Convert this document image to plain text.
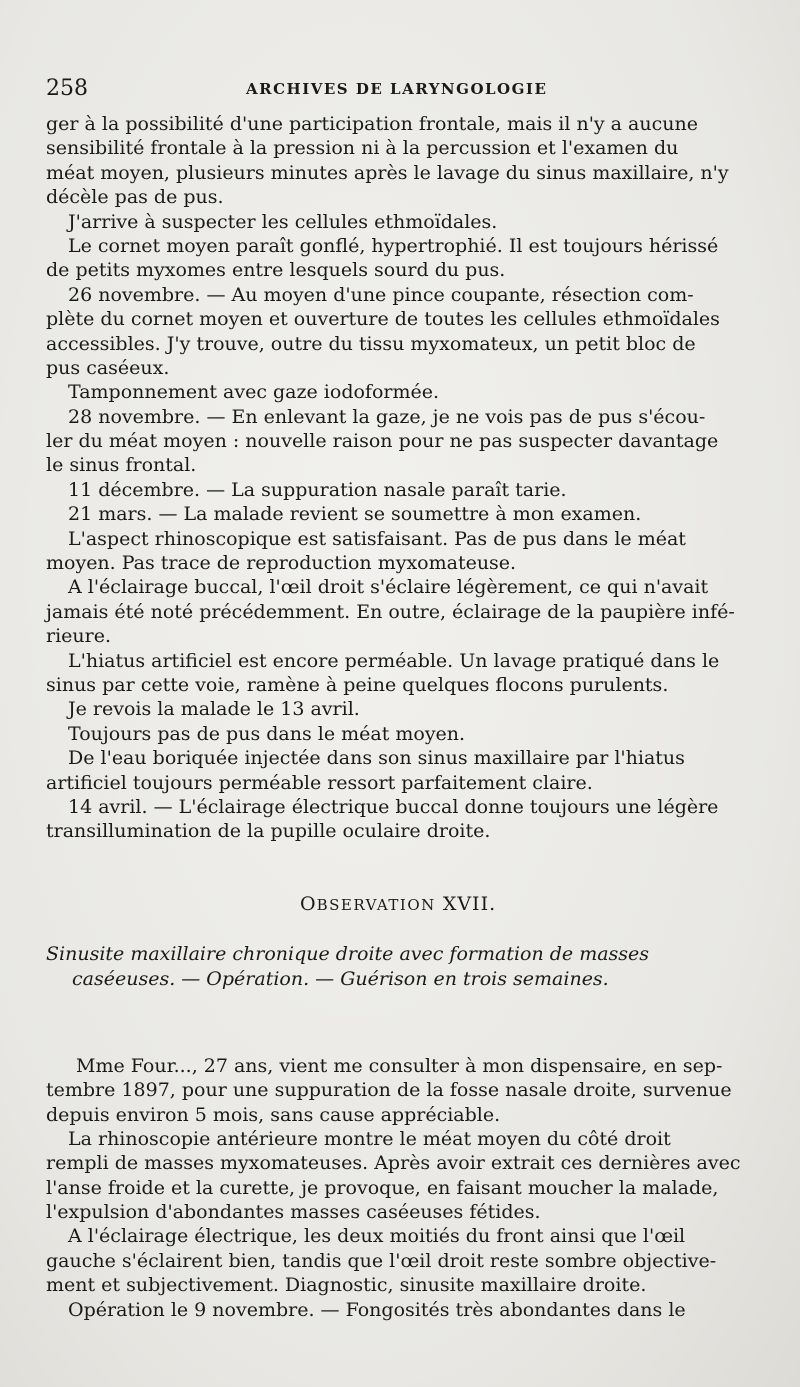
258	ARCHIVES DE LARYNGOLOGIE
ger à la possibilité d'une participation frontale, mais il n'y a aucune
sensibilité frontale à la pression ni à la percussion et l'examen du
méat moyen, plusieurs minutes après le lavage du sinus maxillaire, n'y
décèle pas de pus.
J'arrive à suspecter les cellules ethmoïdales.
Le cornet moyen paraît gonflé, hypertrophié. Il est toujours hérissé
de petits myxomes entre lesquels sourd du pus.
26 novembre. — Au moyen d'une pince coupante, résection com-
plète du cornet moyen et ouverture de toutes les cellules ethmoïdales
accessibles. J'y trouve, outre du tissu myxomateux, un petit bloc de
pus caséeux.
Tamponnement avec gaze iodoformée.
28 novembre. — En enlevant la gaze, je ne vois pas de pus s'écou-
ler du méat moyen : nouvelle raison pour ne pas suspecter davantage
le sinus frontal.
11 décembre. — La suppuration nasale paraît tarie.
21 mars. — La malade revient se soumettre à mon examen.
L'aspect rhinoscopique est satisfaisant. Pas de pus dans le méat
moyen. Pas trace de reproduction myxomateuse.
A l'éclairage buccal, l'œil droit s'éclaire légèrement, ce qui n'avait
jamais été noté précédemment. En outre, éclairage de la paupière infé-
rieure.
L'hiatus artificiel est encore perméable. Un lavage pratiqué dans le
sinus par cette voie, ramène à peine quelques flocons purulents.
Je revois la malade le 13 avril.
Toujours pas de pus dans le méat moyen.
De l'eau boriquée injectée dans son sinus maxillaire par l'hiatus
artificiel toujours perméable ressort parfaitement claire.
14 avril. — L'éclairage électrique buccal donne toujours une légère
transillumination de la pupille oculaire droite.
OBSERVATION XVII.
Sinusite maxillaire chronique droite avec formation de masses
caséeuses. — Opération. — Guérison en trois semaines.
Mme Four..., 27 ans, vient me consulter à mon dispensaire, en sep-
tembre 1897, pour une suppuration de la fosse nasale droite, survenue
depuis environ 5 mois, sans cause appréciable.
La rhinoscopie antérieure montre le méat moyen du côté droit
rempli de masses myxomateuses. Après avoir extrait ces dernières avec
l'anse froide et la curette, je provoque, en faisant moucher la malade,
l'expulsion d'abondantes masses caséeuses fétides.
A l'éclairage électrique, les deux moitiés du front ainsi que l'œil
gauche s'éclairent bien, tandis que l'œil droit reste sombre objective-
ment et subjectivement. Diagnostic, sinusite maxillaire droite.
Opération le 9 novembre. — Fongosités très abondantes dans le
